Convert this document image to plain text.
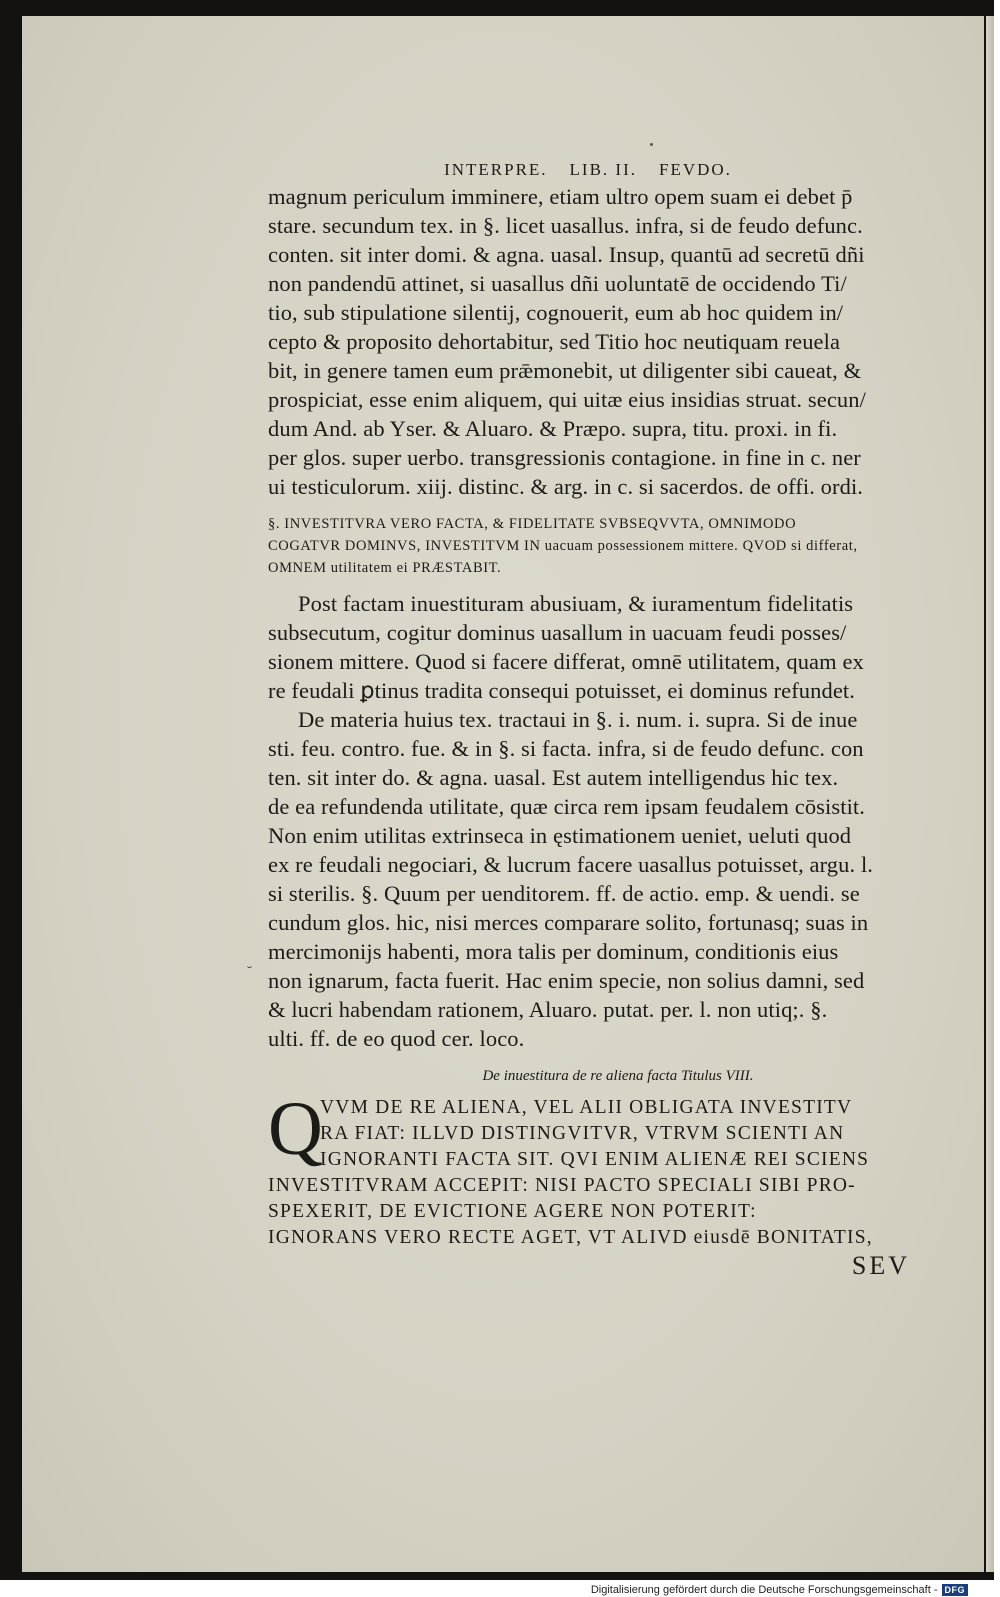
˘
INTERPRE. LIB. II. FEVDO.
magnum periculum imminere, etiam ultro opem suam ei debet p̄
stare. secundum tex. in §. licet uasallus. infra, si de feudo defunc.
conten. sit inter domi. & agna. uasal. Insup, quantū ad secretū dñi
non pandendū attinet, si uasallus dñi uoluntatē de occidendo Ti/
tio, sub stipulatione silentij, cognouerit, eum ab hoc quidem in/
cepto & proposito dehortabitur, sed Titio hoc neutiquam reuela
bit, in genere tamen eum prǣmonebit, ut diligenter sibi caueat, &
prospiciat, esse enim aliquem, qui uitæ eius insidias struat. secun/
dum And. ab Yser. & Aluaro. & Præpo. supra, titu. proxi. in fi.
per glos. super uerbo. transgressionis contagione. in fine in c. ner
ui testiculorum. xiij. distinc. & arg. in c. si sacerdos. de offi. ordi.
§. INVESTITVRA VERO FACTA, & FIDELITATE SVBSEQVVTA, OMNIMODO
COGATVR DOMINVS, INVESTITVM IN uacuam possessionem mittere. QVOD si differat,
OMNEM utilitatem ei PRÆSTABIT.
Post factam inuestituram abusiuam, & iuramentum fidelitatis
subsecutum, cogitur dominus uasallum in uacuam feudi posses/
sionem mittere. Quod si facere differat, omnē utilitatem, quam ex
re feudali ꝑtinus tradita consequi potuisset, ei dominus refundet.
De materia huius tex. tractaui in §. i. num. i. supra. Si de inue
sti. feu. contro. fue. & in §. si facta. infra, si de feudo defunc. con
ten. sit inter do. & agna. uasal. Est autem intelligendus hic tex.
de ea refundenda utilitate, quæ circa rem ipsam feudalem cōsistit.
Non enim utilitas extrinseca in ęstimationem ueniet, ueluti quod
ex re feudali negociari, & lucrum facere uasallus potuisset, argu. l.
si sterilis. §. Quum per uenditorem. ff. de actio. emp. & uendi. se
cundum glos. hic, nisi merces comparare solito, fortunasq; suas in
mercimonijs habenti, mora talis per dominum, conditionis eius
non ignarum, facta fuerit. Hac enim specie, non solius damni, sed
& lucri habendam rationem, Aluaro. putat. per. l. non utiq;. §.
ulti. ff. de eo quod cer. loco.
De inuestitura de re aliena facta Titulus VIII.
Q
VVM DE RE ALIENA, VEL ALII OBLIGATA INVESTITV
RA FIAT: ILLVD DISTINGVITVR, VTRVM SCIENTI AN
IGNORANTI FACTA SIT. QVI ENIM ALIENÆ REI SCIENS
INVESTITVRAM ACCEPIT: NISI PACTO SPECIALI SIBI PRO-
SPEXERIT, DE EVICTIONE AGERE NON POTERIT:
IGNORANS VERO RECTE AGET, VT ALIVD eiusdē BONITATIS,
SEV
Digitalisierung gefördert durch die Deutsche Forschungsgemeinschaft - DFG
